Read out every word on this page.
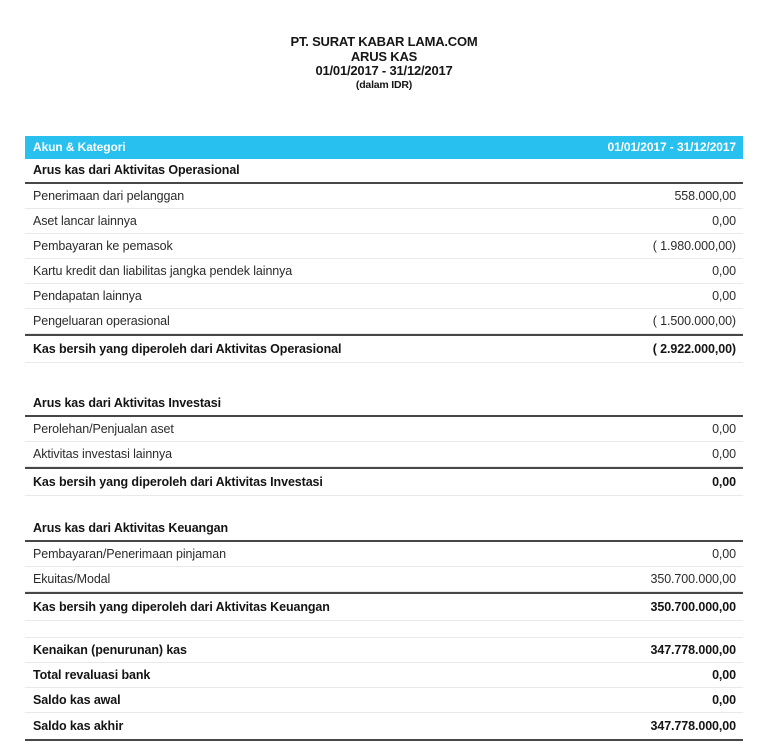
PT. SURAT KABAR LAMA.COM
ARUS KAS
01/01/2017 - 31/12/2017
(dalam IDR)
Akun & Kategori	01/01/2017 - 31/12/2017
Arus kas dari Aktivitas Operasional
Penerimaan dari pelanggan	558.000,00
Aset lancar lainnya	0,00
Pembayaran ke pemasok	( 1.980.000,00)
Kartu kredit dan liabilitas jangka pendek lainnya	0,00
Pendapatan lainnya	0,00
Pengeluaran operasional	( 1.500.000,00)
Kas bersih yang diperoleh dari Aktivitas Operasional	( 2.922.000,00)
Arus kas dari Aktivitas Investasi
Perolehan/Penjualan aset	0,00
Aktivitas investasi lainnya	0,00
Kas bersih yang diperoleh dari Aktivitas Investasi	0,00
Arus kas dari Aktivitas Keuangan
Pembayaran/Penerimaan pinjaman	0,00
Ekuitas/Modal	350.700.000,00
Kas bersih yang diperoleh dari Aktivitas Keuangan	350.700.000,00
Kenaikan (penurunan) kas	347.778.000,00
Total revaluasi bank	0,00
Saldo kas awal	0,00
Saldo kas akhir	347.778.000,00
